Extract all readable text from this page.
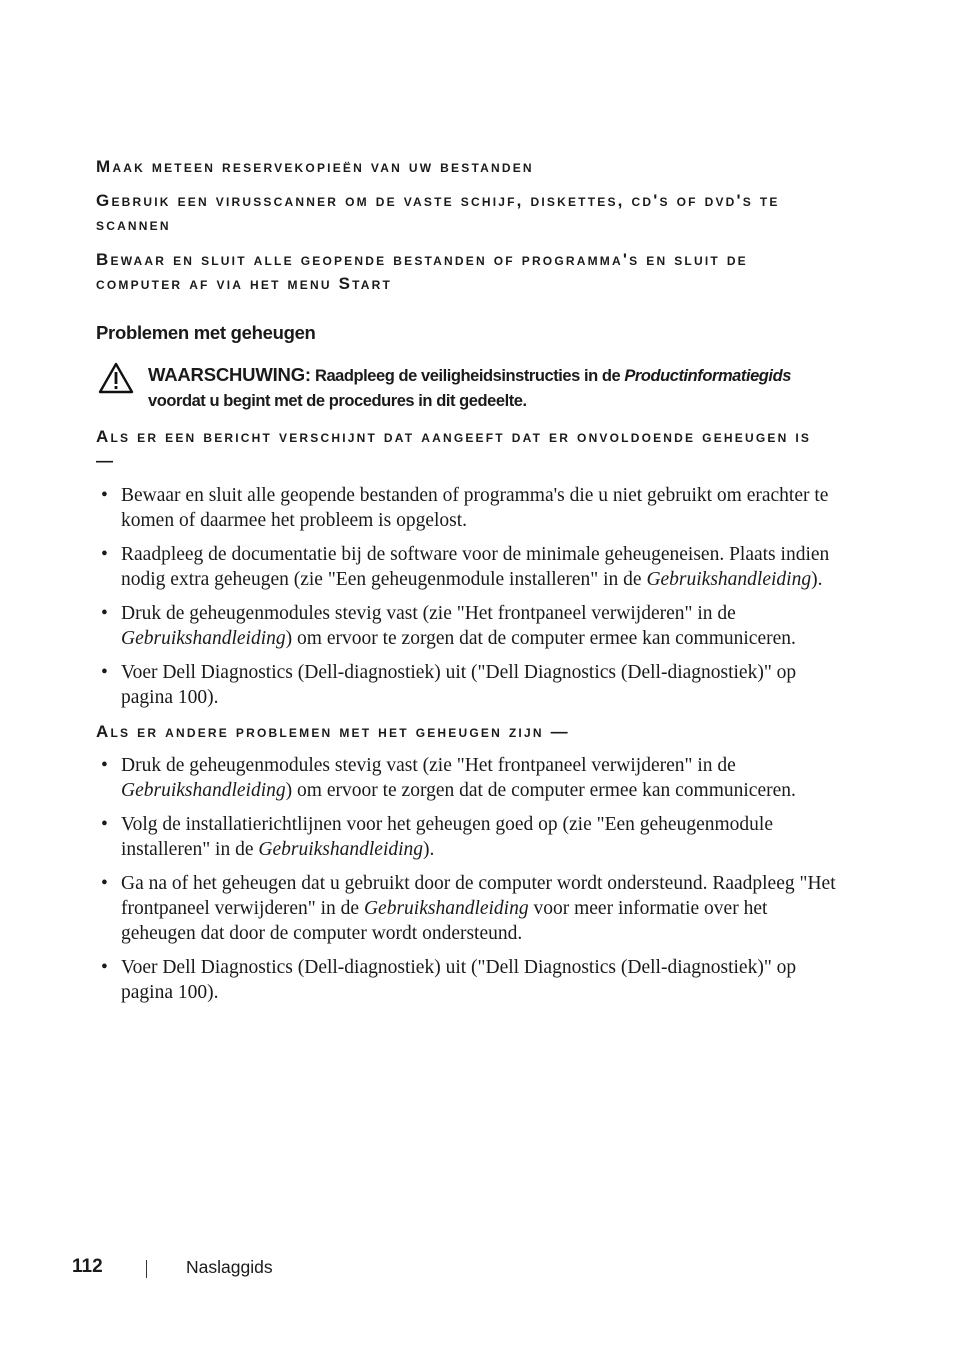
Maak meteen reservekopieën van uw bestanden
Gebruik een virusscanner om de vaste schijf, diskettes, cd's of dvd's te scannen
Bewaar en sluit alle geopende bestanden of programma's en sluit de computer af via het menu Start
Problemen met geheugen
WAARSCHUWING: Raadpleeg de veiligheidsinstructies in de Productinformatiegids voordat u begint met de procedures in dit gedeelte.
Als er een bericht verschijnt dat aangeeft dat er onvoldoende geheugen is —
• Bewaar en sluit alle geopende bestanden of programma's die u niet gebruikt om erachter te komen of daarmee het probleem is opgelost.
• Raadpleeg de documentatie bij de software voor de minimale geheugeneisen. Plaats indien nodig extra geheugen (zie "Een geheugenmodule installeren" in de Gebruikshandleiding).
• Druk de geheugenmodules stevig vast (zie "Het frontpaneel verwijderen" in de Gebruikshandleiding) om ervoor te zorgen dat de computer ermee kan communiceren.
• Voer Dell Diagnostics (Dell-diagnostiek) uit ("Dell Diagnostics (Dell-diagnostiek)" op pagina 100).
Als er andere problemen met het geheugen zijn —
• Druk de geheugenmodules stevig vast (zie "Het frontpaneel verwijderen" in de Gebruikshandleiding) om ervoor te zorgen dat de computer ermee kan communiceren.
• Volg de installatierichtlijnen voor het geheugen goed op (zie "Een geheugenmodule installeren" in de Gebruikshandleiding).
• Ga na of het geheugen dat u gebruikt door de computer wordt ondersteund. Raadpleeg "Het frontpaneel verwijderen" in de Gebruikshandleiding voor meer informatie over het geheugen dat door de computer wordt ondersteund.
• Voer Dell Diagnostics (Dell-diagnostiek) uit ("Dell Diagnostics (Dell-diagnostiek)" op pagina 100).
112	Naslaggids
